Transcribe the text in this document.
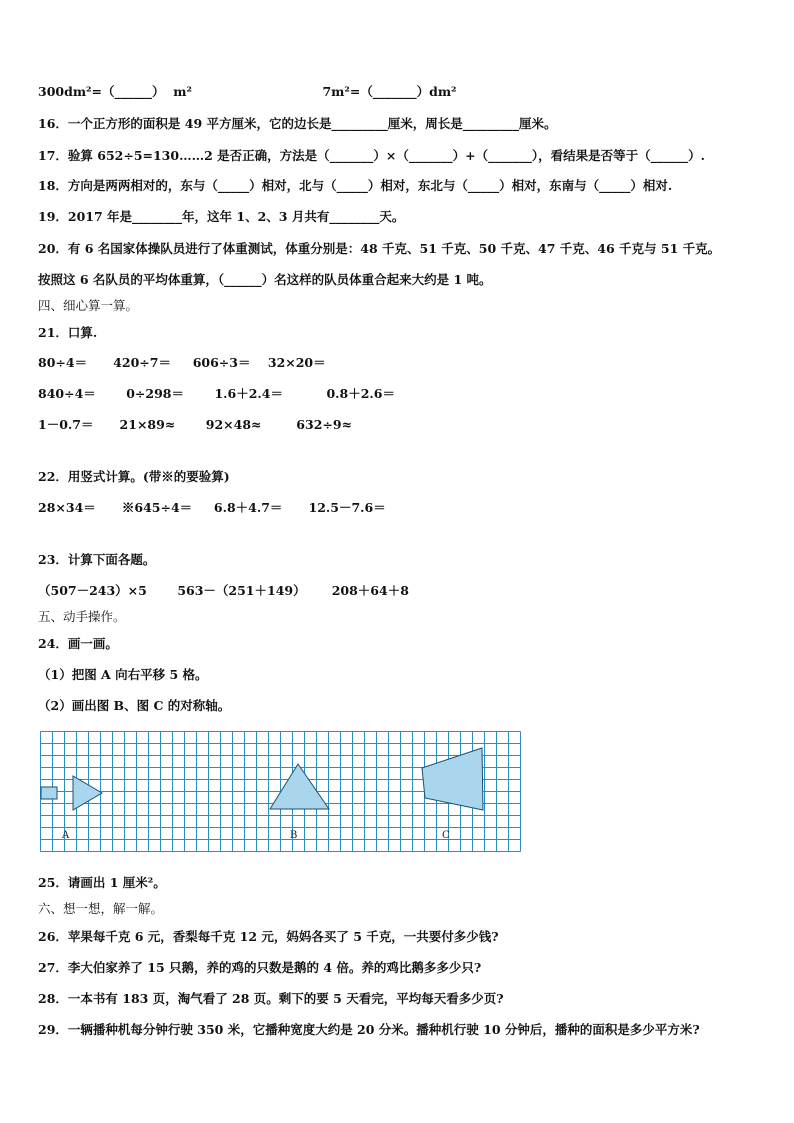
300dm²=（______）  m²                              7m²=（_______）dm²
16．一个正方形的面积是 49 平方厘米，它的边长是_________厘米，周长是_________厘米。
17．验算 652÷5=130……2 是否正确，方法是（_______）×（_______）+（_______），看结果是否等于（______）.
18．方向是两两相对的，东与（_____）相对，北与（_____）相对，东北与（_____）相对，东南与（_____）相对.
19．2017 年是________年，这年 1、2、3 月共有________天。
20．有 6 名国家体操队员进行了体重测试，体重分别是：48 千克、51 千克、50 千克、47 千克、46 千克与 51 千克。
按照这 6 名队员的平均体重算，（______）名这样的队员体重合起来大约是 1 吨。
四、细心算一算。
21．口算.
80÷4＝      420÷7＝     606÷3＝    32×20＝
840÷4＝       0÷298＝       1.6＋2.4＝          0.8＋2.6＝
1－0.7＝      21×89≈       92×48≈        632÷9≈
22．用竖式计算。(带※的要验算)
28×34＝      ※645÷4＝     6.8＋4.7＝      12.5－7.6＝
23．计算下面各题。
（507－243）×5       563－（251＋149）      208＋64＋8
五、动手操作。
24．画一画。
（1）把图 A 向右平移 5 格。
（2）画出图 B、图 C 的对称轴。
A	B	C
25．请画出 1 厘米²。
六、想一想，解一解。
26．苹果每千克 6 元，香梨每千克 12 元，妈妈各买了 5 千克，一共要付多少钱?
27．李大伯家养了 15 只鹅，养的鸡的只数是鹅的 4 倍。养的鸡比鹅多多少只?
28．一本书有 183 页，淘气看了 28 页。剩下的要 5 天看完，平均每天看多少页?
29．一辆播种机每分钟行驶 350 米，它播种宽度大约是 20 分米。播种机行驶 10 分钟后，播种的面积是多少平方米?
